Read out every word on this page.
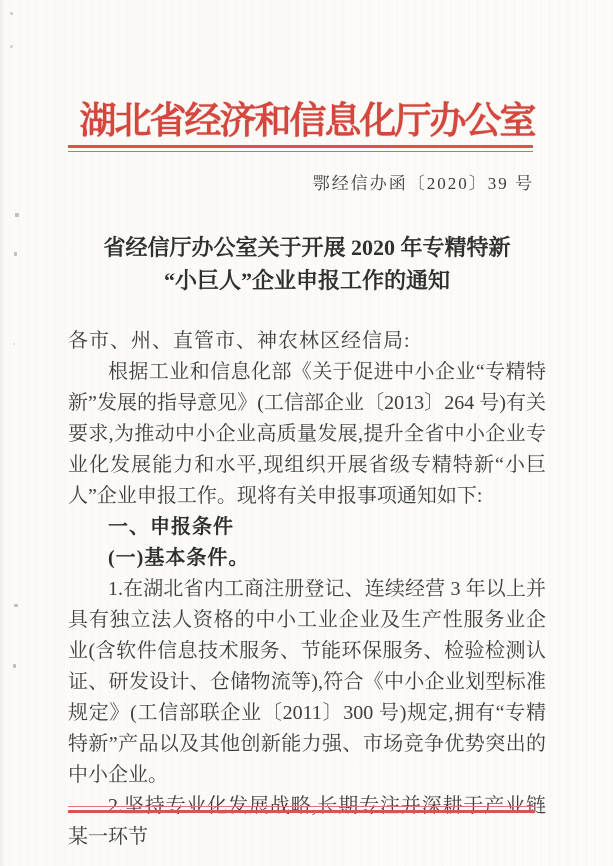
湖北省经济和信息化厅办公室
鄂经信办函〔2020〕39 号
省经信厅办公室关于开展 2020 年专精特新
“小巨人”企业申报工作的通知
各市、州、直管市、神农林区经信局:

根据工业和信息化部《关于促进中小企业“专精特新”发展的指导意见》(工信部企业〔2013〕264 号)有关要求,为推动中小企业高质量发展,提升全省中小企业专业化发展能力和水平,现组织开展省级专精特新“小巨人”企业申报工作。现将有关申报事项通知如下:

一、申报条件
(一)基本条件。

1.在湖北省内工商注册登记、连续经营 3 年以上并具有独立法人资格的中小工业企业及生产性服务业企业(含软件信息技术服务、节能环保服务、检验检测认证、研发设计、仓储物流等),符合《中小企业划型标准规定》(工信部联企业〔2011〕300 号)规定,拥有“专精特新”产品以及其他创新能力强、市场竞争优势突出的中小企业。

2.坚持专业化发展战略,长期专注并深耕于产业链某一环节
